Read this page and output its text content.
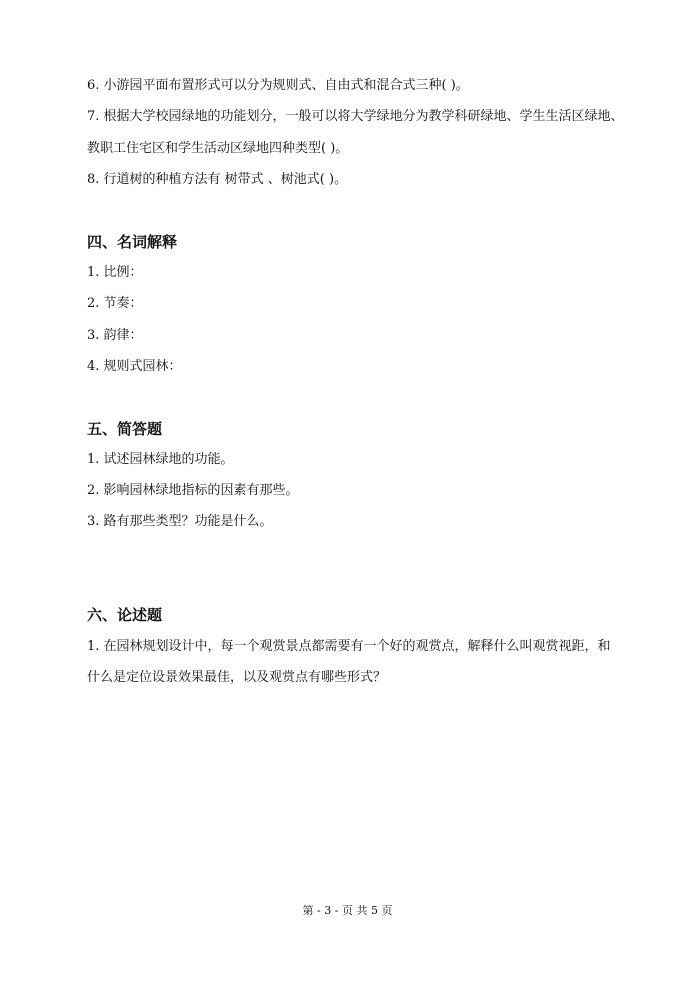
6. 小游园平面布置形式可以分为规则式、自由式和混合式三种( )。
7. 根据大学校园绿地的功能划分，一般可以将大学绿地分为教学科研绿地、学生生活区绿地、
教职工住宅区和学生活动区绿地四种类型( )。
8. 行道树的种植方法有 树带式 、树池式( )。
四、名词解释
1. 比例：
2. 节奏：
3. 韵律：
4. 规则式园林：
五、简答题
1. 试述园林绿地的功能。
2. 影响园林绿地指标的因素有那些。
3. 路有那些类型？功能是什么。
六、论述题
1. 在园林规划设计中，每一个观赏景点都需要有一个好的观赏点，解释什么叫观赏视距，和
什么是定位设景效果最佳，以及观赏点有哪些形式？
第 - 3 - 页 共 5 页
